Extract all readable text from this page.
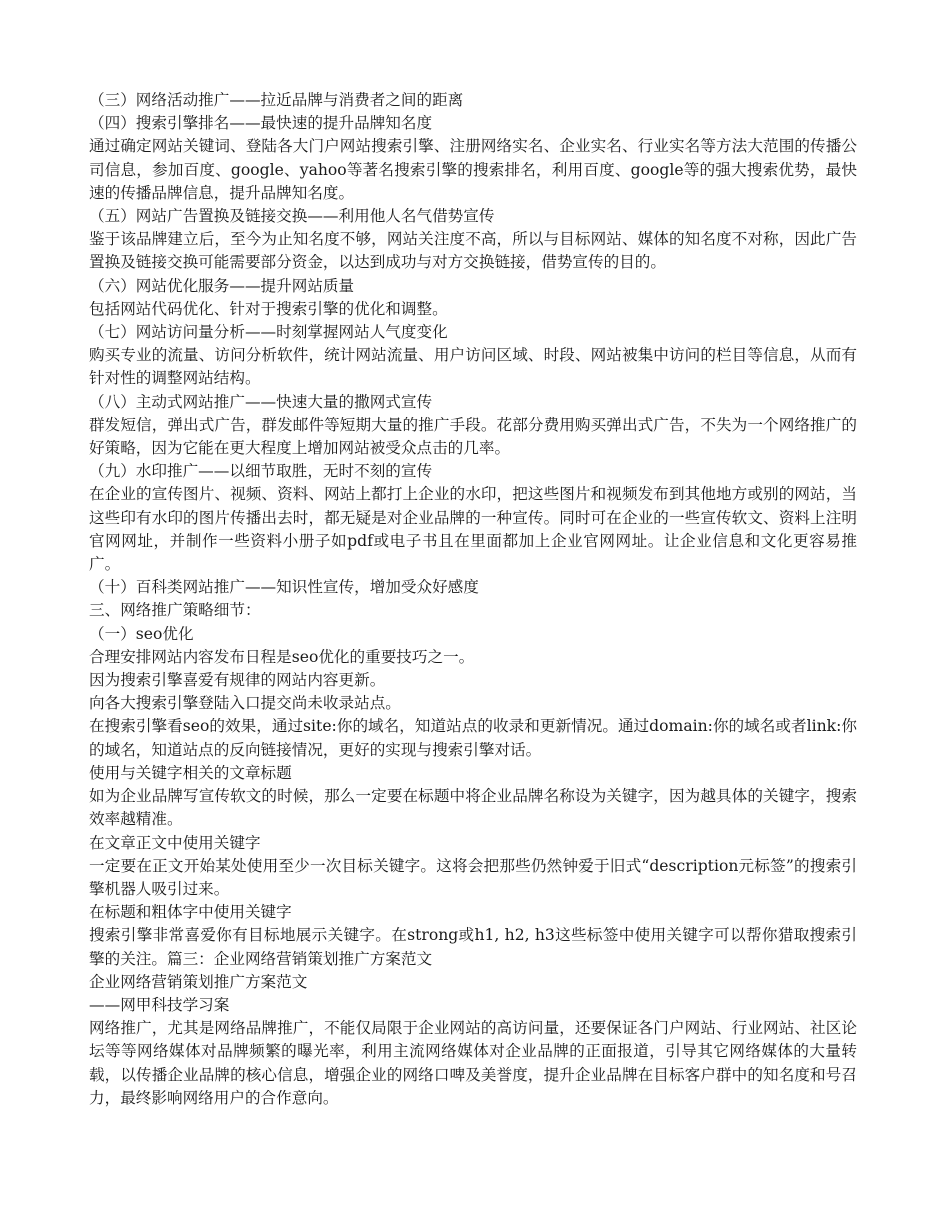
（三）网络活动推广——拉近品牌与消费者之间的距离
（四）搜索引擎排名——最快速的提升品牌知名度
通过确定网站关键词、登陆各大门户网站搜索引擎、注册网络实名、企业实名、行业实名等方法大范围的传播公司信息，参加百度、google、yahoo等著名搜索引擎的搜索排名，利用百度、google等的强大搜索优势，最快速的传播品牌信息，提升品牌知名度。
（五）网站广告置换及链接交换——利用他人名气借势宣传
鉴于该品牌建立后，至今为止知名度不够，网站关注度不高，所以与目标网站、媒体的知名度不对称，因此广告置换及链接交换可能需要部分资金，以达到成功与对方交换链接，借势宣传的目的。
（六）网站优化服务——提升网站质量
包括网站代码优化、针对于搜索引擎的优化和调整。
（七）网站访问量分析——时刻掌握网站人气度变化
购买专业的流量、访问分析软件，统计网站流量、用户访问区域、时段、网站被集中访问的栏目等信息，从而有针对性的调整网站结构。
（八）主动式网站推广——快速大量的撒网式宣传
群发短信，弹出式广告，群发邮件等短期大量的推广手段。花部分费用购买弹出式广告，不失为一个网络推广的好策略，因为它能在更大程度上增加网站被受众点击的几率。
（九）水印推广——以细节取胜，无时不刻的宣传
在企业的宣传图片、视频、资料、网站上都打上企业的水印，把这些图片和视频发布到其他地方或别的网站，当这些印有水印的图片传播出去时，都无疑是对企业品牌的一种宣传。同时可在企业的一些宣传软文、资料上注明官网网址，并制作一些资料小册子如pdf或电子书且在里面都加上企业官网网址。让企业信息和文化更容易推广。
（十）百科类网站推广——知识性宣传，增加受众好感度
三、网络推广策略细节：
（一）seo优化
合理安排网站内容发布日程是seo优化的重要技巧之一。
因为搜索引擎喜爱有规律的网站内容更新。
向各大搜索引擎登陆入口提交尚未收录站点。
在搜索引擎看seo的效果，通过site:你的域名，知道站点的收录和更新情况。通过domain:你的域名或者link:你的域名，知道站点的反向链接情况，更好的实现与搜索引擎对话。
使用与关键字相关的文章标题
如为企业品牌写宣传软文的时候，那么一定要在标题中将企业品牌名称设为关键字，因为越具体的关键字，搜索效率越精准。
在文章正文中使用关键字
一定要在正文开始某处使用至少一次目标关键字。这将会把那些仍然钟爱于旧式“description元标签”的搜索引擎机器人吸引过来。
在标题和粗体字中使用关键字
搜索引擎非常喜爱你有目标地展示关键字。在strong或h1, h2, h3这些标签中使用关键字可以帮你猎取搜索引擎的关注。篇三：企业网络营销策划推广方案范文
企业网络营销策划推广方案范文
——网甲科技学习案
网络推广，尤其是网络品牌推广，不能仅局限于企业网站的高访问量，还要保证各门户网站、行业网站、社区论坛等等网络媒体对品牌频繁的曝光率，利用主流网络媒体对企业品牌的正面报道，引导其它网络媒体的大量转载，以传播企业品牌的核心信息，增强企业的网络口啤及美誉度，提升企业品牌在目标客户群中的知名度和号召力，最终影响网络用户的合作意向。
